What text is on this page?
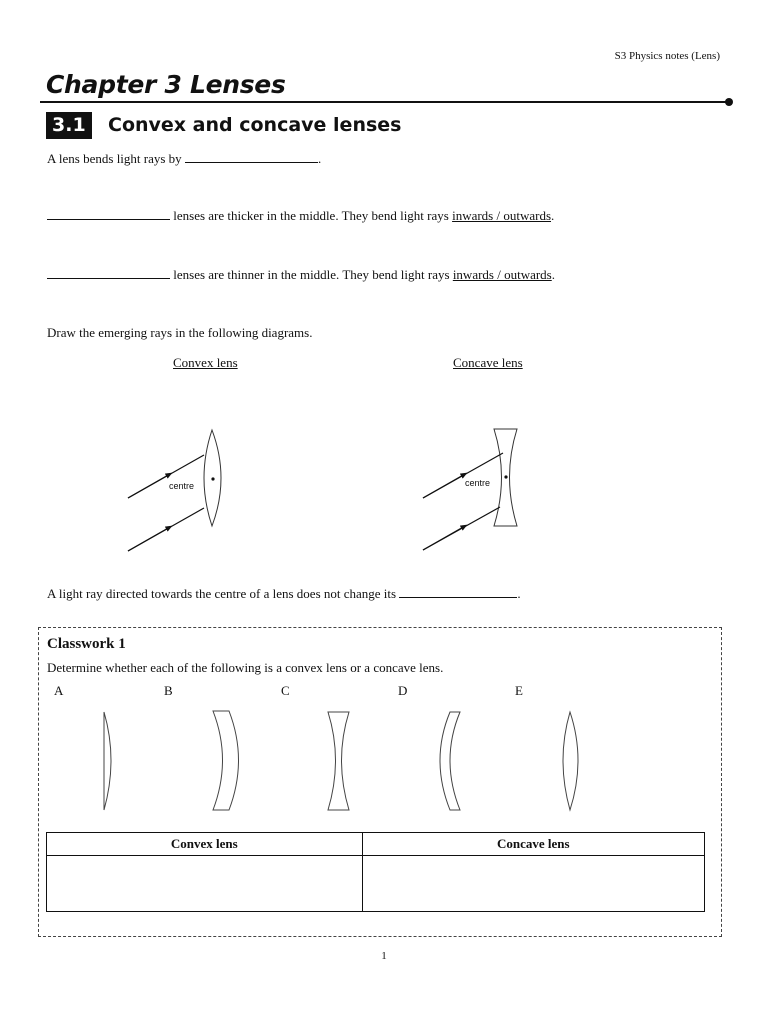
S3 Physics notes (Lens)
Chapter 3 Lenses
3.1	Convex and concave lenses
A lens bends light rays by	.
lenses are thicker in the middle. They bend light rays inwards / outwards.
lenses are thinner in the middle. They bend light rays inwards / outwards.
Draw the emerging rays in the following diagrams.
Convex lens	Concave lens
centre	centre
A light ray directed towards the centre of a lens does not change its	.
Classwork 1
Determine whether each of the following is a convex lens or a concave lens.
A	B	C	D	E
Convex lens	Concave lens

1
